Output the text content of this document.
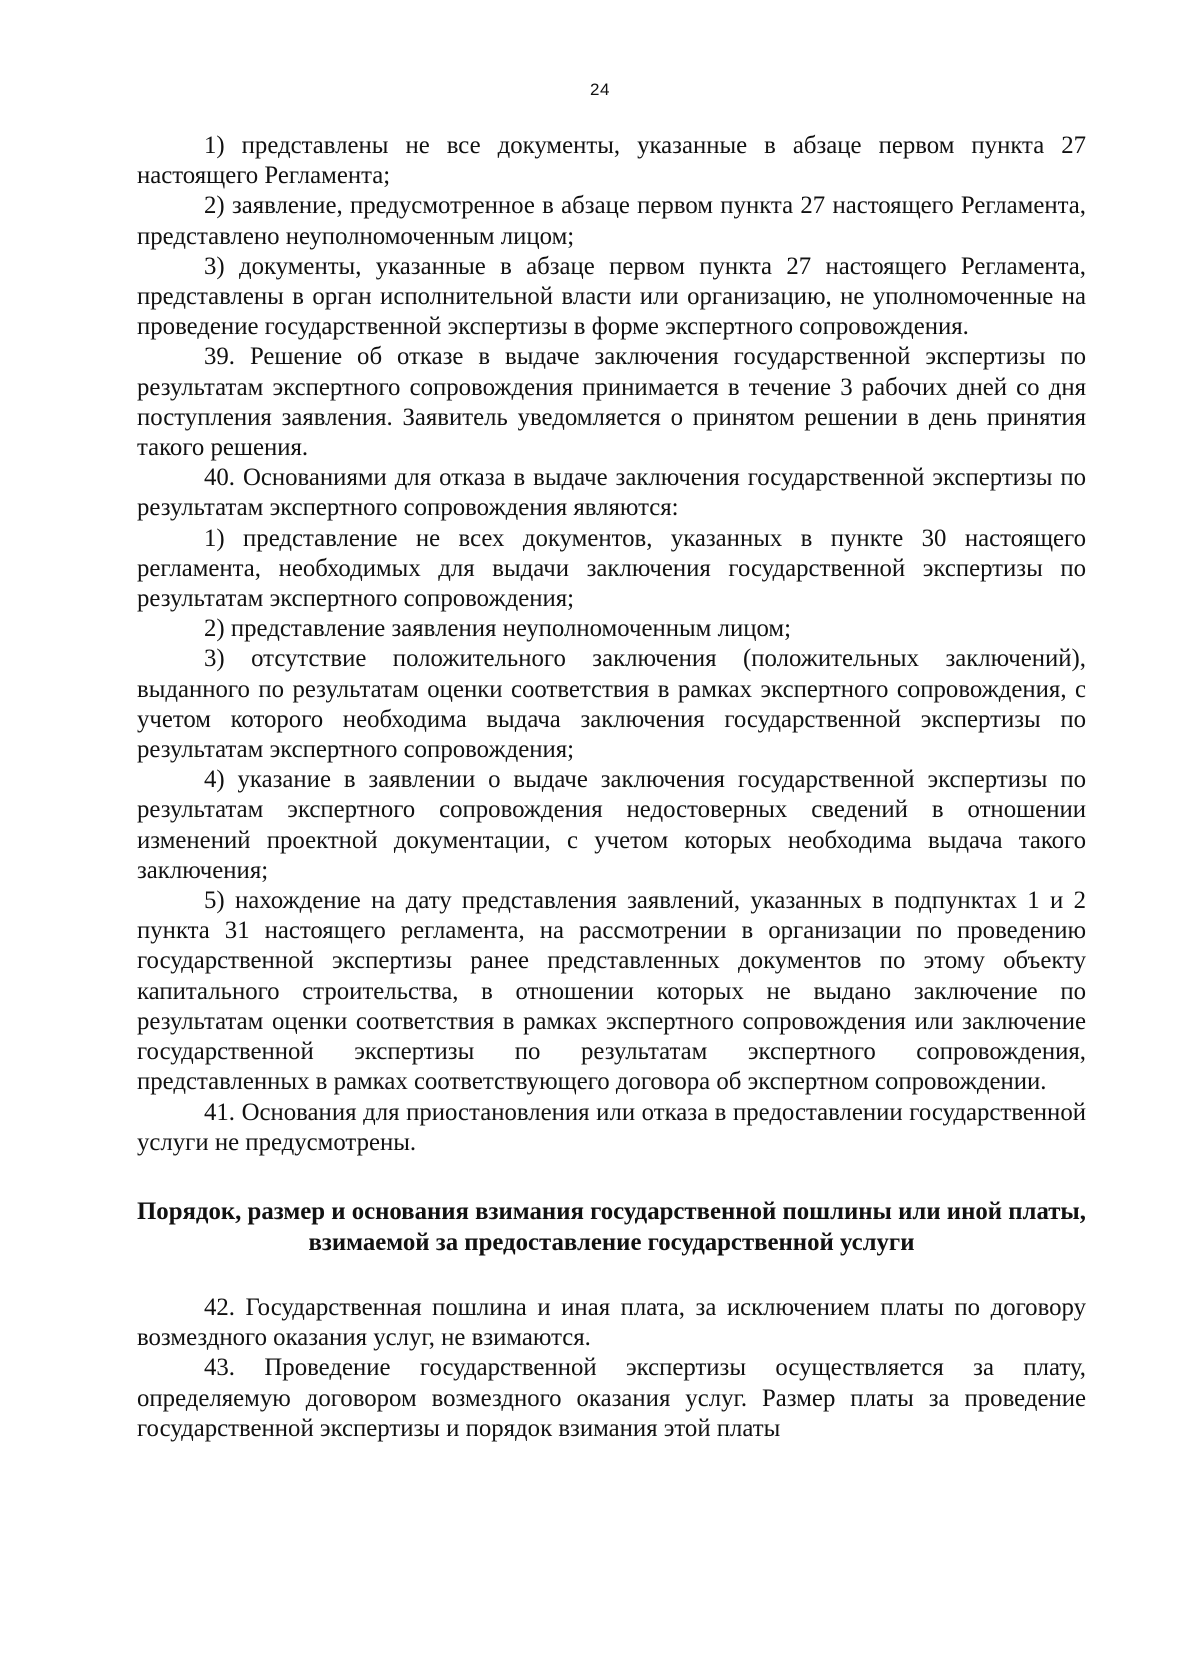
24

1) представлены не все документы, указанные в абзаце первом пункта 27 настоящего Регламента;

2) заявление, предусмотренное в абзаце первом пункта 27 настоящего Регламента, представлено неуполномоченным лицом;

3) документы, указанные в абзаце первом пункта 27 настоящего Регламента, представлены в орган исполнительной власти или организацию, не уполномоченные на проведение государственной экспертизы в форме экспертного сопровождения.

39. Решение об отказе в выдаче заключения государственной экспертизы по результатам экспертного сопровождения принимается в течение 3 рабочих дней со дня поступления заявления. Заявитель уведомляется о принятом решении в день принятия такого решения.

40. Основаниями для отказа в выдаче заключения государственной экспертизы по результатам экспертного сопровождения являются:

1) представление не всех документов, указанных в пункте 30 настоящего регламента, необходимых для выдачи заключения государственной экспертизы по результатам экспертного сопровождения;

2) представление заявления неуполномоченным лицом;

3) отсутствие положительного заключения (положительных заключений), выданного по результатам оценки соответствия в рамках экспертного сопровождения, с учетом которого необходима выдача заключения государственной экспертизы по результатам экспертного сопровождения;

4) указание в заявлении о выдаче заключения государственной экспертизы по результатам экспертного сопровождения недостоверных сведений в отношении изменений проектной документации, с учетом которых необходима выдача такого заключения;

5) нахождение на дату представления заявлений, указанных в подпунктах 1 и 2 пункта 31 настоящего регламента, на рассмотрении в организации по проведению государственной экспертизы ранее представленных документов по этому объекту капитального строительства, в отношении которых не выдано заключение по результатам оценки соответствия в рамках экспертного сопровождения или заключение государственной экспертизы по результатам экспертного сопровождения, представленных в рамках соответствующего договора об экспертном сопровождении.

41. Основания для приостановления или отказа в предоставлении государственной услуги не предусмотрены.

Порядок, размер и основания взимания государственной пошлины или иной платы, взимаемой за предоставление государственной услуги

42. Государственная пошлина и иная плата, за исключением платы по договору возмездного оказания услуг, не взимаются.

43. Проведение государственной экспертизы осуществляется за плату, определяемую договором возмездного оказания услуг. Размер платы за проведение государственной экспертизы и порядок взимания этой платы
